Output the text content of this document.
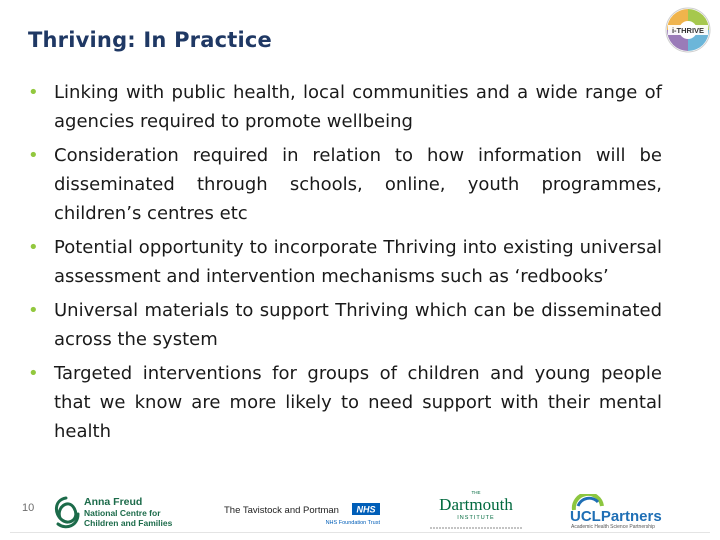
Thriving: In Practice	i-THRIVE
• Linking with public health, local communities and a wide range of agencies required to promote wellbeing
• Consideration required in relation to how information will be disseminated through schools, online, youth programmes, children’s centres etc
• Potential opportunity to incorporate Thriving into existing universal assessment and intervention mechanisms such as ‘redbooks’
• Universal materials to support Thriving which can be disseminated across the system
• Targeted interventions for groups of children and young people that we know are more likely to need support with their mental health
10	Anna Freud
National Centre for
Children and Families
The Tavistock and Portman NHS
NHS Foundation Trust
THE
Dartmouth
INSTITUTE	UCLPartners
Academic Health Science Partnership
